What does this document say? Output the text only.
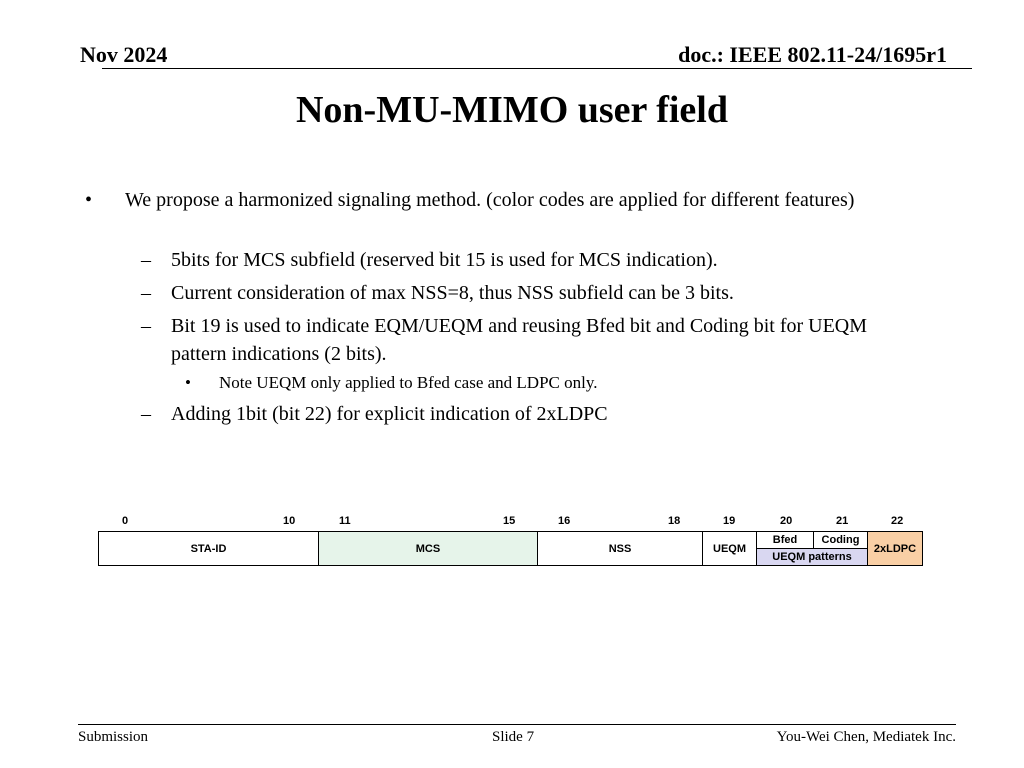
Nov 2024	doc.: IEEE 802.11-24/1695r1
Non-MU-MIMO user field
• We propose a harmonized signaling method. (color codes are applied for different features)
– 5bits for MCS subfield (reserved bit 15 is used for MCS indication).
– Current consideration of max NSS=8, thus NSS subfield can be 3 bits.
– Bit 19 is used to indicate EQM/UEQM and reusing Bfed bit and Coding bit for UEQM pattern indications (2 bits).
• Note UEQM only applied to Bfed case and LDPC only.
– Adding 1bit (bit 22) for explicit indication of 2xLDPC
0	10	11	15	16	18	19	20	21	22
STA-ID	MCS	NSS	UEQM	Bfed	Coding	2xLDPC
UEQM patterns
Submission	Slide 7	You-Wei Chen, Mediatek Inc.
